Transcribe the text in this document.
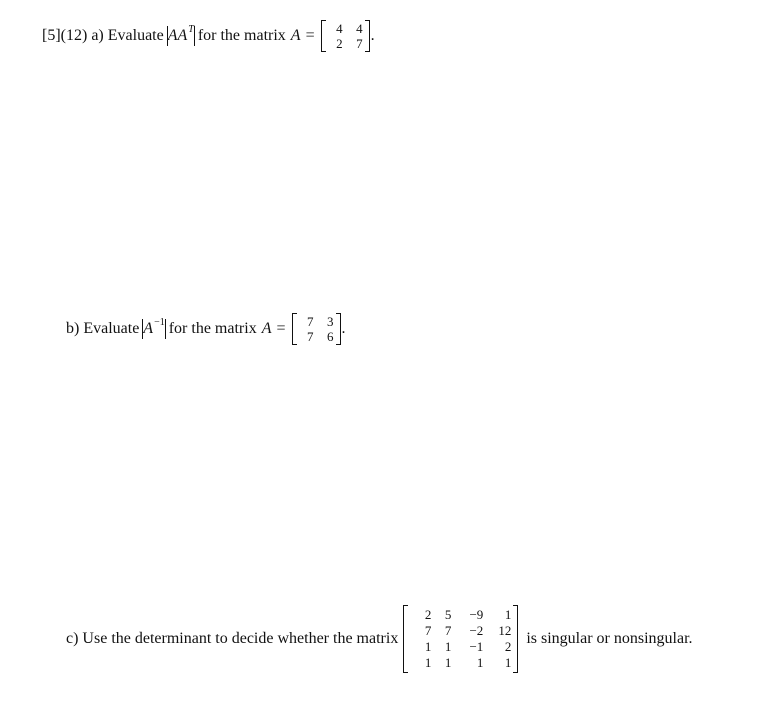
[5](12) a) Evaluate AA T for the matrix A =	4	4
2	7 .
b) Evaluate A −1 for the matrix A =	7	3
7	6 .
c) Use the determinant to decide whether the matrix
2	5	−9	1
7	7	−2	12
1	1	−1	2
1	1	1	1
is singular or nonsingular.
